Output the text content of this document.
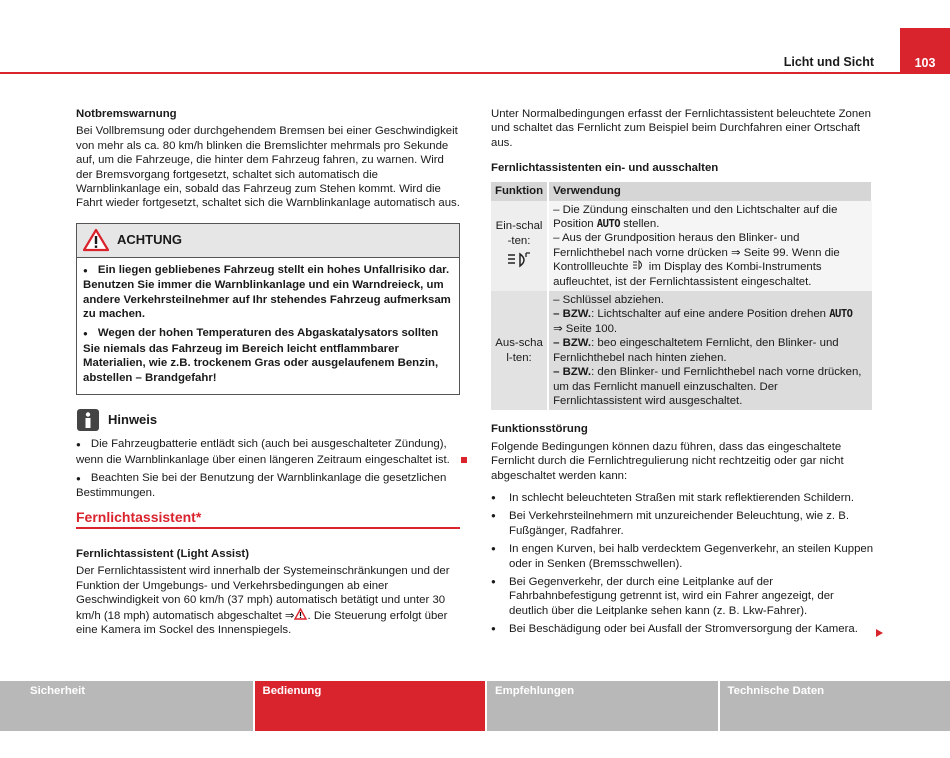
103
Licht und Sicht

Notbremswarnung

Bei Vollbremsung oder durchgehendem Bremsen bei einer Geschwindigkeit von mehr als ca. 80 km/h blinken die Bremslichter mehrmals pro Sekunde auf, um die Fahrzeuge, die hinter dem Fahrzeug fahren, zu warnen. Wird der Bremsvorgang fortgesetzt, schaltet sich automatisch die Warnblinkanlage ein, sobald das Fahrzeug zum Stehen kommt. Wird die Fahrt wieder fortgesetzt, schaltet sich die Warnblinkanlage automatisch aus.

ACHTUNG

● Ein liegen gebliebenes Fahrzeug stellt ein hohes Unfallrisiko dar. Benutzen Sie immer die Warnblinkanlage und ein Warndreieck, um andere Verkehrsteilnehmer auf Ihr stehendes Fahrzeug aufmerksam zu machen.

● Wegen der hohen Temperaturen des Abgaskatalysators sollten Sie niemals das Fahrzeug im Bereich leicht entflammbarer Materialien, wie z.B. trockenem Gras oder ausgelaufenem Benzin, abstellen – Brandgefahr!

Hinweis

● Die Fahrzeugbatterie entlädt sich (auch bei ausgeschalteter Zündung), wenn die Warnblinkanlage über einen längeren Zeitraum eingeschaltet ist.

● Beachten Sie bei der Benutzung der Warnblinkanlage die gesetzlichen Bestimmungen.

Fernlichtassistent*

Fernlichtassistent (Light Assist)

Der Fernlichtassistent wird innerhalb der Systemeinschränkungen und der Funktion der Umgebungs- und Verkehrsbedingungen ab einer Geschwindigkeit von 60 km/h (37 mph) automatisch betätigt und unter 30 km/h (18 mph) automatisch abgeschaltet ⇒ . Die Steuerung erfolgt über eine Kamera im Sockel des Innenspiegels.

Unter Normalbedingungen erfasst der Fernlichtassistent beleuchtete Zonen und schaltet das Fernlicht zum Beispiel beim Durchfahren einer Ortschaft aus.

Fernlichtassistenten ein- und ausschalten

Funktion	Verwendung

Ein-schal-ten:	– Die Zündung einschalten und den Lichtschalter auf die Position AUTO stellen.
– Aus der Grundposition heraus den Blinker- und Fernlichthebel nach vorne drücken ⇒ Seite 99. Wenn die Kontrollleuchte im Display des Kombi-Instruments aufleuchtet, ist der Fernlichtassistent eingeschaltet.

Aus-schal-ten:	– Schlüssel abziehen.
– BZW.: Lichtschalter auf eine andere Position drehen AUTO
⇒ Seite 100.
– BZW.: beo eingeschaltetem Fernlicht, den Blinker- und Fernlichthebel nach hinten ziehen.
– BZW.: den Blinker- und Fernlichthebel nach vorne drücken, um das Fernlicht manuell einzuschalten. Der Fernlichtassistent wird ausgeschaltet.

Funktionsstörung

Folgende Bedingungen können dazu führen, dass das eingeschaltete Fernlicht durch die Fernlichtregulierung nicht rechtzeitig oder gar nicht abgeschaltet werden kann:

● In schlecht beleuchteten Straßen mit stark reflektierenden Schildern.
● Bei Verkehrsteilnehmern mit unzureichender Beleuchtung, wie z. B. Fußgänger, Radfahrer.
● In engen Kurven, bei halb verdecktem Gegenverkehr, an steilen Kuppen oder in Senken (Bremsschwellen).
● Bei Gegenverkehr, der durch eine Leitplanke auf der Fahrbahnbefestigung getrennt ist, wird ein Fahrer angezeigt, der deutlich über die Leitplanke sehen kann (z. B. Lkw-Fahrer).
● Bei Beschädigung oder bei Ausfall der Stromversorgung der Kamera.
Sicherheit	Bedienung	Empfehlungen	Technische Daten
